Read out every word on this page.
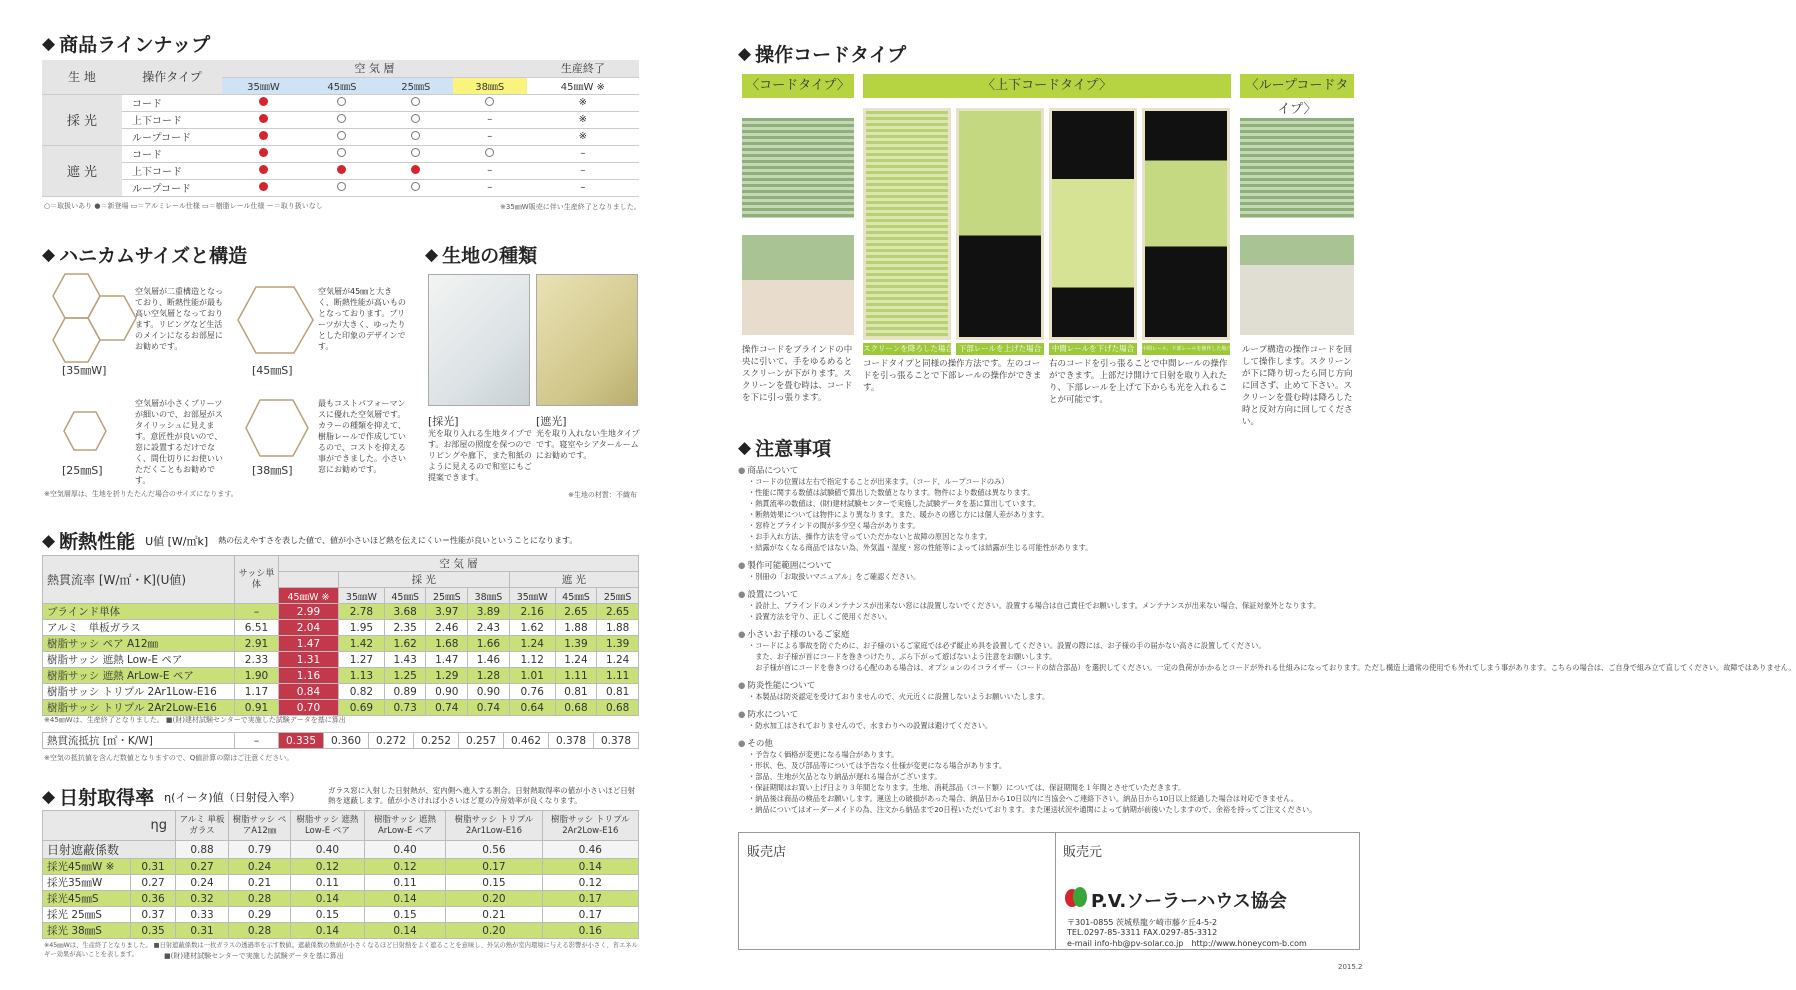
◆ 商品ラインナップ
生 地	操作タイプ	空 気 層				生産終了
		35㎜W	45㎜S	25㎜S	38㎜S	45㎜W ※
採 光	コード					※
	上下コード				–	※
	ループコード				–	※
遮 光	コード					–
	上下コード				–	–
	ループコード				–	–
○＝取扱いあり ●＝新登場 ▭＝アルミレール仕様 ▭＝樹脂レール仕様 ー＝取り扱いなし	※35㎜W販売に伴い生産終了となりました。
◆ ハニカムサイズと構造
[35㎜W]
空気層が二重構造となっており、断熱性能が最も高い空気層となっております。リビングなど生活のメインになるお部屋にお勧めです。
[45㎜S]
空気層が45㎜と大きく、断熱性能が高いものとなっております。プリーツが大きく、ゆったりとした印象のデザインです。
[25㎜S]
空気層が小さくプリーツが細いので、お部屋がスタイリッシュに見えます。意匠性が良いので、窓に設置するだけでなく、間仕切りにお使いいただくこともお勧めです。
[38㎜S]
最もコストパフォーマンスに優れた空気層です。カラーの種類を抑えて、樹脂レールで作成しているので、コストを抑える事ができました。小さい窓にお勧めです。
※空気層厚は、生地を折りたたんだ場合のサイズになります。
◆ 生地の種類
[採光]
光を取り入れる生地タイプです。お部屋の照度を保つのでリビングや廊下、また和紙のように見えるので和室にもご提案できます。
[遮光]
光を取り入れない生地タイプです。寝室やシアタールームにお勧めです。
※生地の材質：不織布
◆ 断熱性能 U値 [W/㎡k] 熱の伝えやすさを表した値で、値が小さいほど熱を伝えにくい＝性能が良いということになります。
熱貫流率 [W/㎡・K](U値)	サッシ単体	空 気 層							
			採 光				遮 光		
		45㎜W ※	35㎜W	45㎜S	25㎜S	38㎜S	35㎜W	45㎜S	25㎜S
ブラインド単体	–	2.99	2.78	3.68	3.97	3.89	2.16	2.65	2.65
アルミ　単板ガラス	6.51	2.04	1.95	2.35	2.46	2.43	1.62	1.88	1.88
樹脂サッシ ペア A12㎜	2.91	1.47	1.42	1.62	1.68	1.66	1.24	1.39	1.39
樹脂サッシ 遮熱 Low-E ペア	2.33	1.31	1.27	1.43	1.47	1.46	1.12	1.24	1.24
樹脂サッシ 遮熱 ArLow-E ペア	1.90	1.16	1.13	1.25	1.29	1.28	1.01	1.11	1.11
樹脂サッシ トリプル 2Ar1Low-E16	1.17	0.84	0.82	0.89	0.90	0.90	0.76	0.81	0.81
樹脂サッシ トリプル 2Ar2Low-E16	0.91	0.70	0.69	0.73	0.74	0.74	0.64	0.68	0.68
※45㎜Wは、生産終了となりました。 ■(財)建材試験センターで実施した試験データを基に算出
熱貫流抵抗 [㎡・K/W]	–	0.335	0.360	0.272	0.252	0.257	0.462	0.378	0.378
※空気の抵抗値を含んだ数値となりますので、Q値計算の際はご注意ください。
◆ 日射取得率 η(イータ)値（日射侵入率）	ガラス窓に入射した日射熱が、室内側へ進入する割合。日射熱取得率の値が小さいほど日射熱を遮蔽します。値が小さければ小さいほど夏の冷房効率が良くなります。
ηg		アルミ 単板ガラス	樹脂サッシ ペアA12㎜	樹脂サッシ 遮熱 Low-E ペア	樹脂サッシ 遮熱 ArLow-E ペア	樹脂サッシ トリプル 2Ar1Low-E16	樹脂サッシ トリプル 2Ar2Low-E16
日射遮蔽係数		0.88	0.79	0.40	0.40	0.56	0.46
採光45㎜W ※	0.31	0.27	0.24	0.12	0.12	0.17	0.14
採光35㎜W	0.27	0.24	0.21	0.11	0.11	0.15	0.12
採光45㎜S	0.36	0.32	0.28	0.14	0.14	0.20	0.17
採光 25㎜S	0.37	0.33	0.29	0.15	0.15	0.21	0.17
採光 38㎜S	0.35	0.31	0.28	0.14	0.14	0.20	0.16
※45㎜Wは、生産終了となりました。 ■日射遮蔽係数は一枚ガラスの透過率を示す数値。遮蔽係数の数値が小さくなるほど日射熱をよく遮ることを意味し、外気の熱が室内環境に与える影響が小さく、省エネルギー効果が高いことを表します。	■(財)建材試験センターで実施した試験データを基に算出
◆ 操作コードタイプ
〈コードタイプ〉	〈上下コードタイプ〉	〈ループコードタイプ〉
スクリーンを降ろした場合 下部レールを上げた場合	中間レールを下げた場合	中間レール、下部レールを操作した場合
操作コードをブラインドの中央に引いて、手をゆるめるとスクリーンが下がります。スクリーンを畳む時は、コードを下に引っ張ります。
コードタイプと同様の操作方法です。左のコードを引っ張ることで下部レールの操作ができます。
右のコードを引っ張ることで中間レールの操作ができます。上部だけ開けて日射を取り入れたり、下部レールを上げて下からも光を入れることが可能です。
ループ構造の操作コードを回して操作します。スクリーンが下に降り切ったら同じ方向に回さず、止めて下さい。スクリーンを畳む時は降ろした時と反対方向に回してください。
◆ 注意事項
● 商品について
・コードの位置は左右で指定することが出来ます。（コード、ループコードのみ）
・性能に関する数値は試験値で算出した数値となります。物件により数値は異なります。
・熱貫流率の数値は、(財)建材試験センターで実施した試験データを基に算出しています。
・断熱効果については物件により異なります。また、暖かさの感じ方には個人差があります。
・窓枠とブラインドの間が多少空く場合があります。
・お手入れ方法、操作方法を守っていただかないと故障の原因となります。
・結露がなくなる商品ではない為、外気温・湿度・窓の性能等によっては結露が生じる可能性があります。
● 製作可能範囲について
・別冊の「お取扱いマニュアル」をご確認ください。
● 設置について
・設計上、ブラインドのメンテナンスが出来ない窓には設置しないでください。設置する場合は自己責任でお願いします。メンテナンスが出来ない場合、保証対象外となります。
・設置方法を守り、正しくご使用ください。
● 小さいお子様のいるご家庭
・コードによる事故を防ぐために、お子様のいるご家庭では必ず縦止め具を設置してください。設置の際には、お子様の手の届かない高さに設置してください。
　また、お子様が首にコードを巻きつけたり、ぶら下がって遊ばないよう注意をお願いします。
　お子様が首にコードを巻きつける心配のある場合は、オプションのイコライザー（コードの結合部品）を選択してください。一定の負荷がかかるとコードが外れる仕組みになっております。ただし構造上通常の使用でも外れてしまう事があります。こちらの場合は、ご自身で組み立て直してください。故障ではありません。
● 防炎性能について
・本製品は防炎認定を受けておりませんので、火元近くに設置しないようお願いいたします。
● 防水について
・防水加工はされておりませんので、水まわりへの設置は避けてください。
● その他
・予告なく価格が変更になる場合があります。
・形状、色、及び部品等については予告なく仕様が変更になる場合があります。
・部品、生地が欠品となり納品が遅れる場合がございます。
・保証期間はお買い上げ日より３年間となります。生地、消耗部品（コード類）については、保証期間を１年間とさせていただきます。
・納品後は商品の検品をお願いします。運送上の破損があった場合、納品日から10日以内に当協会へご連絡下さい。納品日から10日以上経過した場合は対応できません。
・納品についてはオーダーメイドの為、注文から納品まで20日程いただいております。また運送状況や通関によって納期が前後いたしますので、余裕を持ってご注文ください。
販売店	販売元
P.V.ソーラーハウス協会
〒301-0855 茨城県龍ケ崎市藤ケ丘4-5-2
TEL.0297-85-3311 FAX.0297-85-3312
e-mail info-hb@pv-solar.co.jp　http://www.honeycom-b.com
2015.2
